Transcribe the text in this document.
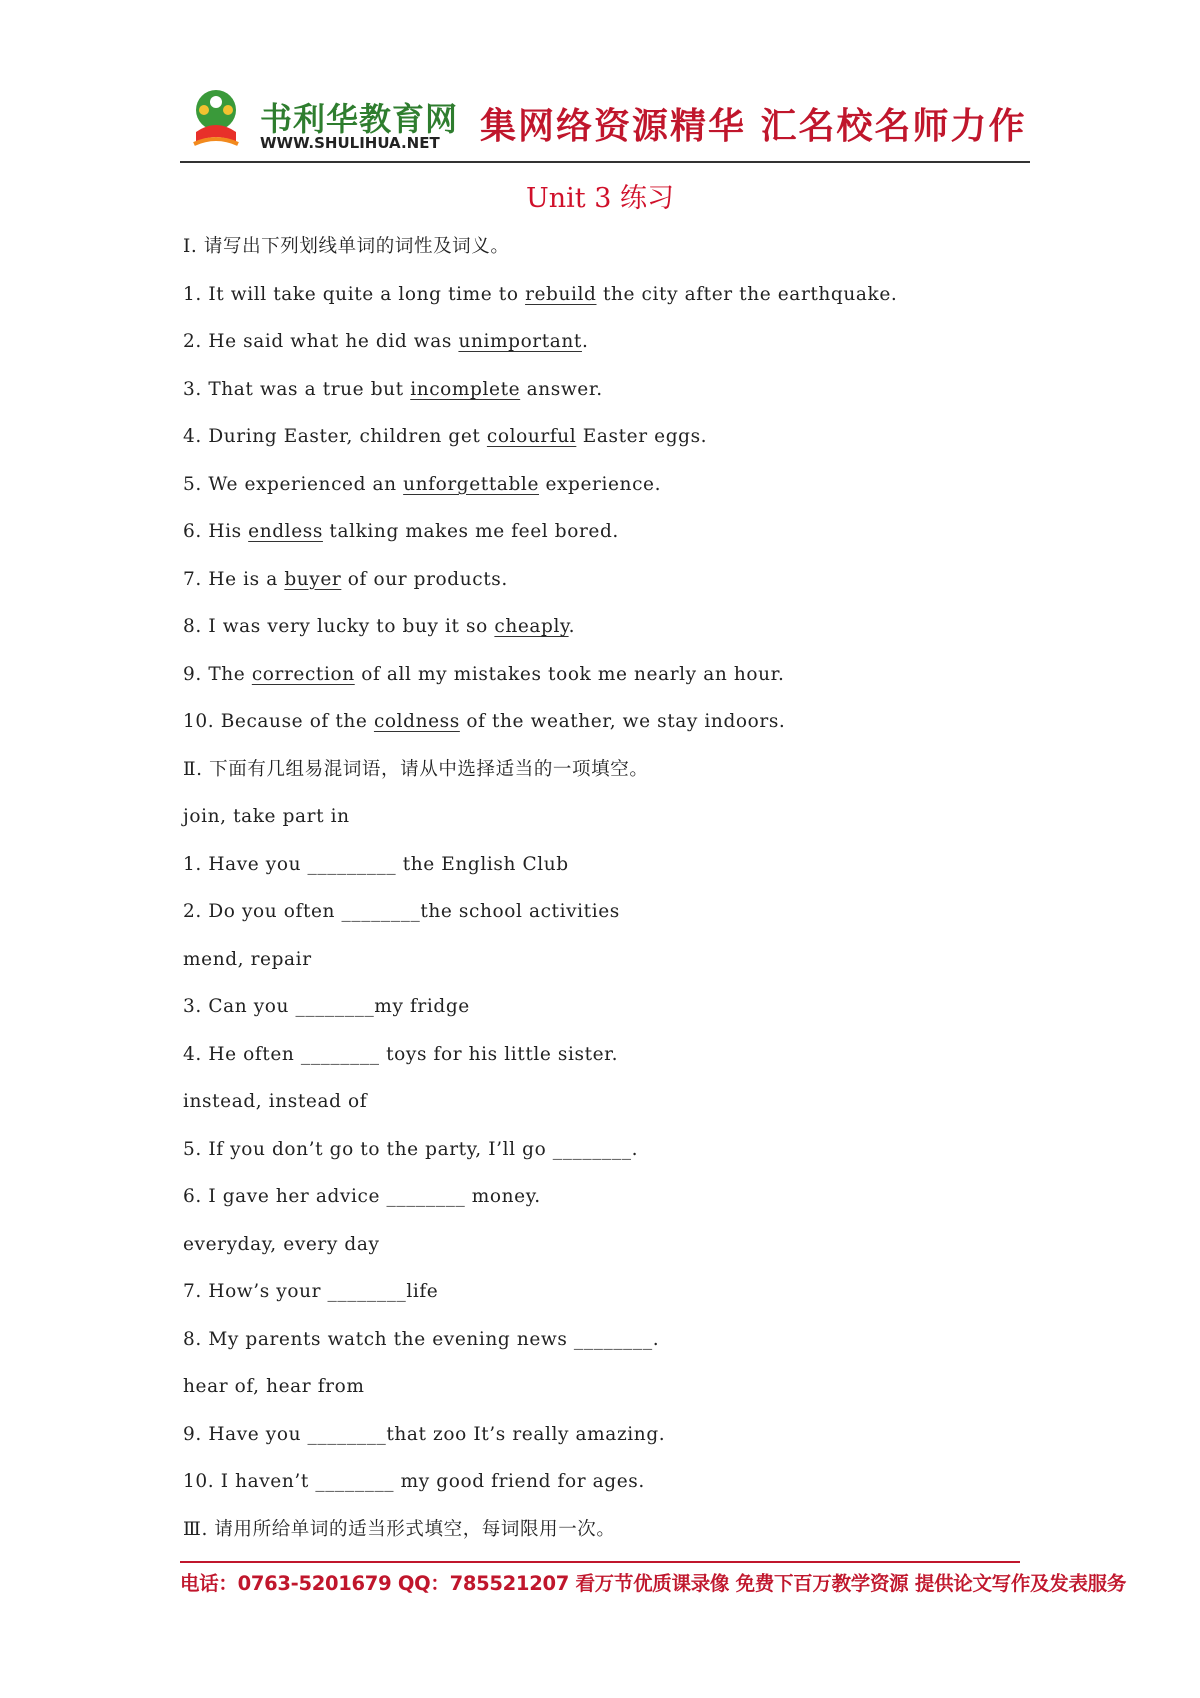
书利华教育网
WWW.SHULIHUA.NET 集网络资源精华 汇名校名师力作
Unit 3 练习
Ⅰ. 请写出下列划线单词的词性及词义。
1. It will take quite a long time to rebuild the city after the earthquake.
2. He said what he did was unimportant.
3. That was a true but incomplete answer.
4. During Easter, children get colourful Easter eggs.
5. We experienced an unforgettable experience.
6. His endless talking makes me feel bored.
7. He is a buyer of our products.
8. I was very lucky to buy it so cheaply.
9. The correction of all my mistakes took me nearly an hour.
10. Because of the coldness of the weather, we stay indoors.
Ⅱ. 下面有几组易混词语，请从中选择适当的一项填空。
join, take part in
1. Have you _________ the English Club
2. Do you often ________the school activities
mend, repair
3. Can you ________my fridge
4. He often ________ toys for his little sister.
instead, instead of
5. If you don’t go to the party, I’ll go ________.
6. I gave her advice ________ money.
everyday, every day
7. How’s your ________life
8. My parents watch the evening news ________.
hear of, hear from
9. Have you ________that zoo It’s really amazing.
10. I haven’t ________ my good friend for ages.
Ⅲ. 请用所给单词的适当形式填空，每词限用一次。
电话：0763-5201679 QQ：785521207 看万节优质课录像 免费下百万教学资源 提供论文写作及发表服务
